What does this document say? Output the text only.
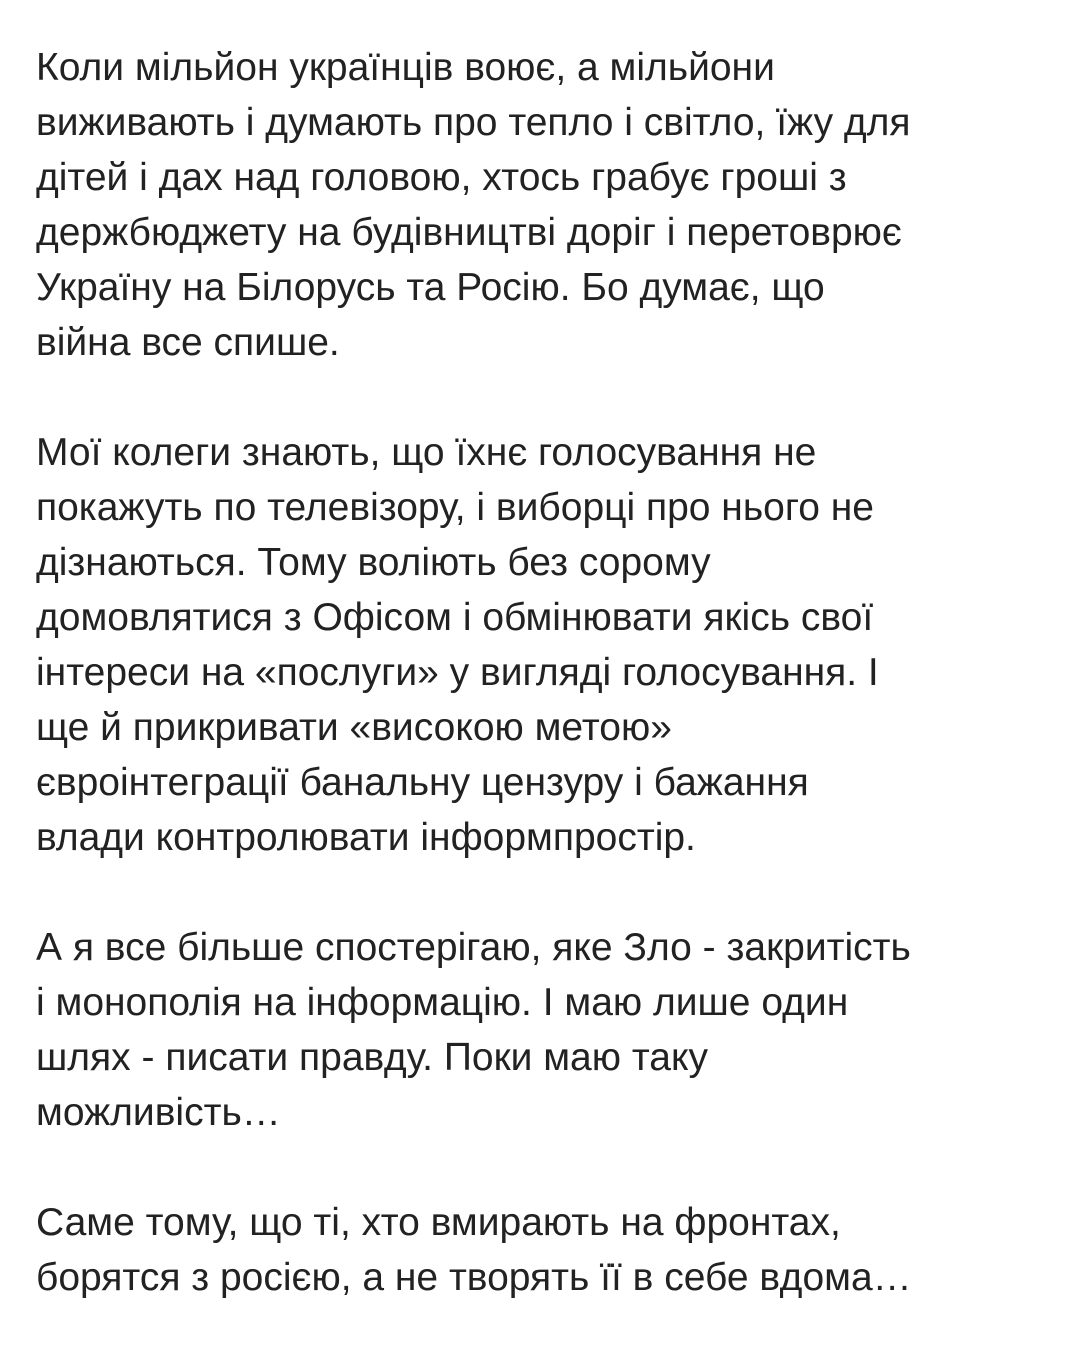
Коли мільйон українців воює, а мільйони
виживають і думають про тепло і світло, їжу для
дітей і дах над головою, хтось грабує гроші з
держбюджету на будівництві доріг і перетоврює
Україну на Білорусь та Росію. Бо думає, що
війна все спише.

Мої колеги знають, що їхнє голосування не
покажуть по телевізору, і виборці про нього не
дізнаються. Тому воліють без сорому
домовлятися з Офісом і обмінювати якісь свої
інтереси на «послуги» у вигляді голосування. І
ще й прикривати «високою метою»
євроінтеграції банальну цензуру і бажання
влади контролювати інформпростір.

А я все більше спостерігаю, яке Зло - закритість
і монополія на інформацію. І маю лише один
шлях - писати правду. Поки маю таку
можливість…

Саме тому, що ті, хто вмирають на фронтах,
борятся з росією, а не творять її в себе вдома…
